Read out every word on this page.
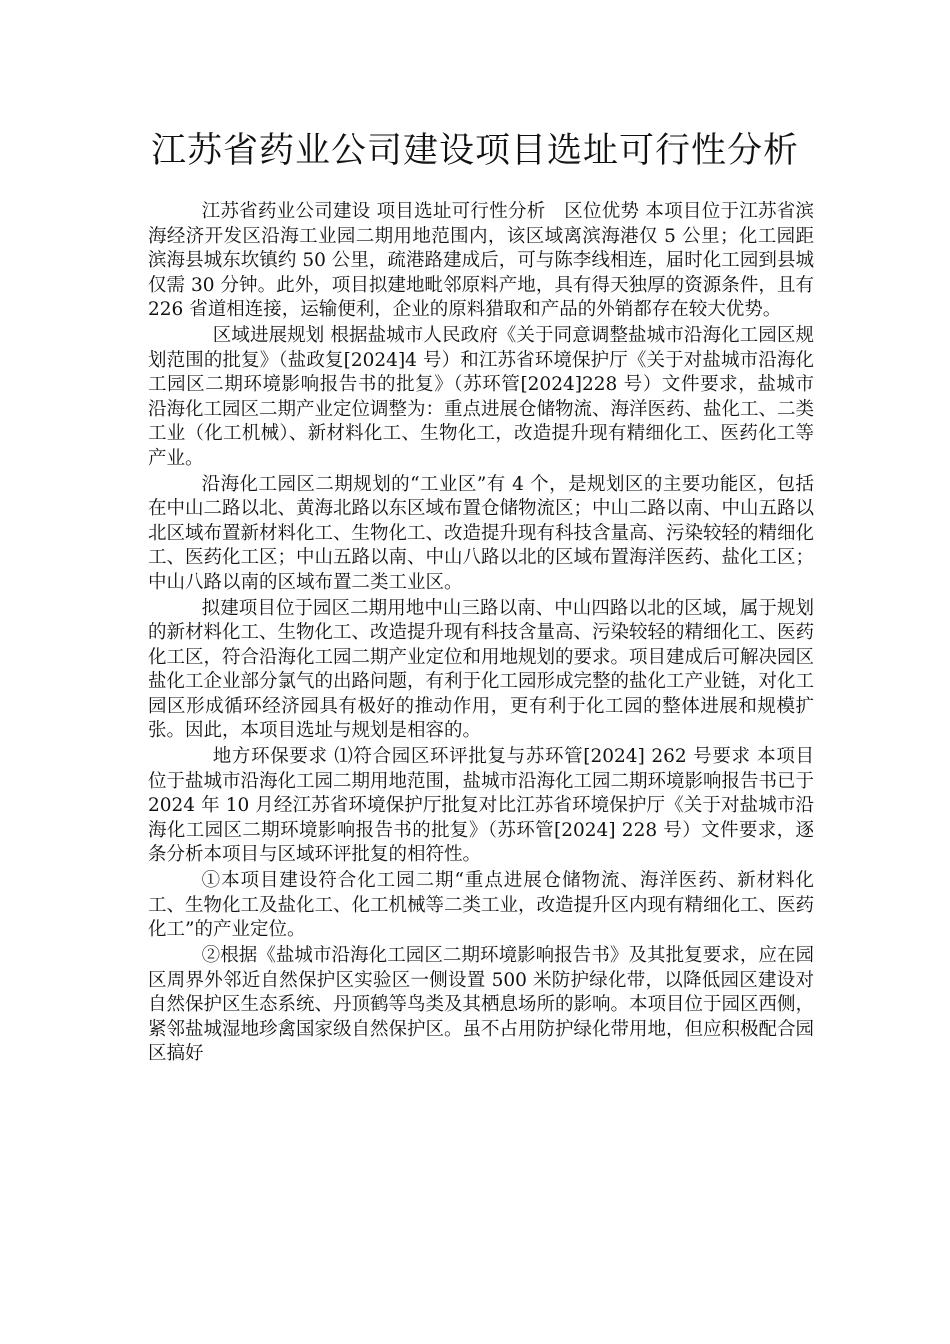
江苏省药业公司建设项目选址可行性分析

江苏省药业公司建设 项目选址可行性分析　区位优势 本项目位于江苏省滨海经济开发区沿海工业园二期用地范围内，该区域离滨海港仅 5 公里；化工园距滨海县城东坎镇约 50 公里，疏港路建成后，可与陈李线相连，届时化工园到县城仅需 30 分钟。此外，项目拟建地毗邻原料产地，具有得天独厚的资源条件，且有 226 省道相连接，运输便利，企业的原料猎取和产品的外销都存在较大优势。

区域进展规划 根据盐城市人民政府《关于同意调整盐城市沿海化工园区规划范围的批复》（盐政复[2024]4 号）和江苏省环境保护厅《关于对盐城市沿海化工园区二期环境影响报告书的批复》（苏环管[2024]228 号）文件要求，盐城市沿海化工园区二期产业定位调整为：重点进展仓储物流、海洋医药、盐化工、二类工业（化工机械）、新材料化工、生物化工，改造提升现有精细化工、医药化工等产业。

沿海化工园区二期规划的“工业区”有 4 个，是规划区的主要功能区，包括在中山二路以北、黄海北路以东区域布置仓储物流区；中山二路以南、中山五路以北区域布置新材料化工、生物化工、改造提升现有科技含量高、污染较轻的精细化工、医药化工区；中山五路以南、中山八路以北的区域布置海洋医药、盐化工区；中山八路以南的区域布置二类工业区。

拟建项目位于园区二期用地中山三路以南、中山四路以北的区域，属于规划的新材料化工、生物化工、改造提升现有科技含量高、污染较轻的精细化工、医药化工区，符合沿海化工园二期产业定位和用地规划的要求。项目建成后可解决园区盐化工企业部分氯气的出路问题，有利于化工园形成完整的盐化工产业链，对化工园区形成循环经济园具有极好的推动作用，更有利于化工园的整体进展和规模扩张。因此，本项目选址与规划是相容的。

地方环保要求 ⑴符合园区环评批复与苏环管[2024] 262 号要求 本项目位于盐城市沿海化工园二期用地范围，盐城市沿海化工园二期环境影响报告书已于 2024 年 10 月经江苏省环境保护厅批复对比江苏省环境保护厅《关于对盐城市沿海化工园区二期环境影响报告书的批复》（苏环管[2024] 228 号）文件要求，逐条分析本项目与区域环评批复的相符性。

①本项目建设符合化工园二期“重点进展仓储物流、海洋医药、新材料化工、生物化工及盐化工、化工机械等二类工业，改造提升区内现有精细化工、医药化工”的产业定位。

②根据《盐城市沿海化工园区二期环境影响报告书》及其批复要求，应在园区周界外邻近自然保护区实验区一侧设置 500 米防护绿化带，以降低园区建设对自然保护区生态系统、丹顶鹤等鸟类及其栖息场所的影响。本项目位于园区西侧，紧邻盐城湿地珍禽国家级自然保护区。虽不占用防护绿化带用地，但应积极配合园区搞好
